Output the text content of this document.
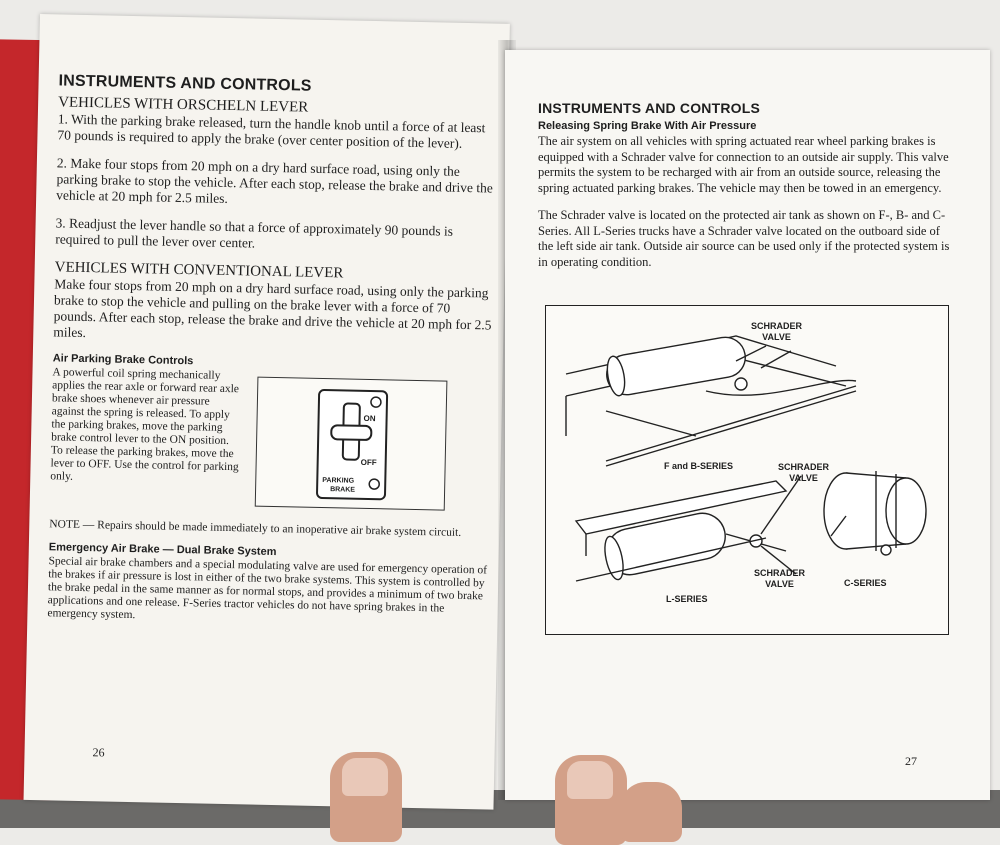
INSTRUMENTS AND CONTROLS
VEHICLES WITH ORSCHELN LEVER

1. With the parking brake released, turn the handle knob until a force of at least 70 pounds is required to apply the brake (over center position of the lever).

2. Make four stops from 20 mph on a dry hard surface road, using only the parking brake to stop the vehicle. After each stop, release the brake and drive the vehicle at 20 mph for 2.5 miles.

3. Readjust the lever handle so that a force of approximately 90 pounds is required to pull the lever over center.

VEHICLES WITH CONVENTIONAL LEVER

Make four stops from 20 mph on a dry hard surface road, using only the parking brake to stop the vehicle and pulling on the brake lever with a force of 70 pounds. After each stop, release the brake and drive the vehicle at 20 mph for 2.5 miles.

Air Parking Brake Controls
A powerful coil spring mechanically applies the rear axle or forward rear axle brake shoes whenever air pressure against the spring is released. To apply the parking brakes, move the parking brake control lever to the ON position. To release the parking brakes, move the lever to OFF. Use the control for parking only.
ON
OFF
PARKING
BRAKE

NOTE — Repairs should be made immediately to an inoperative air brake system circuit.

Emergency Air Brake — Dual Brake System
Special air brake chambers and a special modulating valve are used for emergency operation of the brakes if air pressure is lost in either of the two brake systems. This system is controlled by the brake pedal in the same manner as for normal stops, and provides a minimum of two brake applications and one release. F-Series tractor vehicles do not have spring brakes in the emergency system.
26
INSTRUMENTS AND CONTROLS
Releasing Spring Brake With Air Pressure

The air system on all vehicles with spring actuated rear wheel parking brakes is equipped with a Schrader valve for connection to an outside air supply. This valve permits the system to be recharged with air from an outside source, releasing the spring actuated parking brakes. The vehicle may then be towed in an emergency.

The Schrader valve is located on the protected air tank as shown on F-, B- and C-Series. All L-Series trucks have a Schrader valve located on the outboard side of the left side air tank. Outside air source can be used only if the protected system is in operating condition.

SCHRADER
VALVE
F and B-SERIES	SCHRADER
VALVE
SCHRADER
VALVE	C-SERIES
L-SERIES
27
